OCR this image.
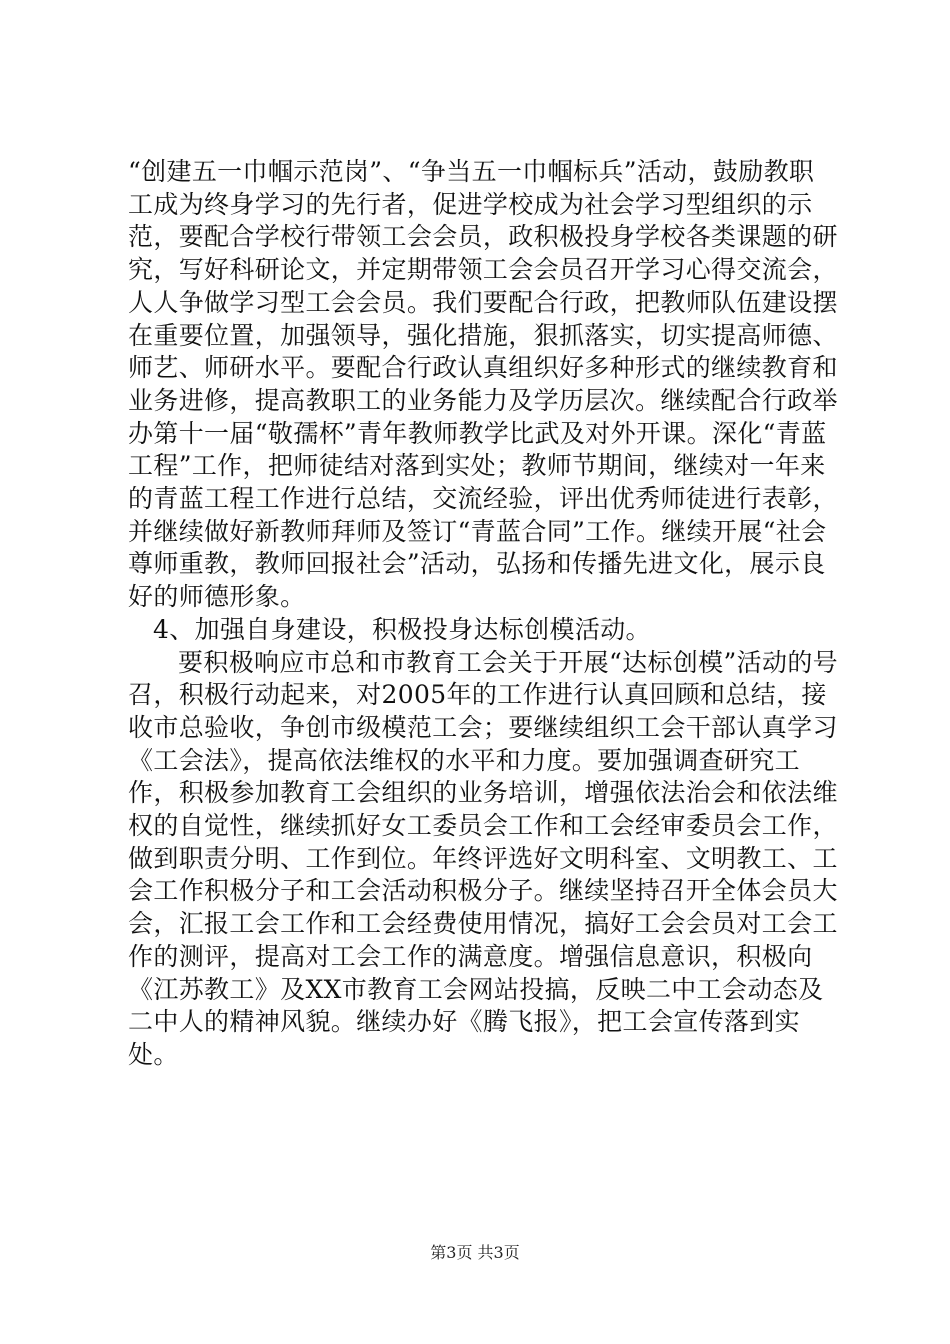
“创建五一巾帼示范岗”、“争当五一巾帼标兵”活动，鼓励教职工成为终身学习的先行者，促进学校成为社会学习型组织的示范，要配合学校行带领工会会员，政积极投身学校各类课题的研究，写好科研论文，并定期带领工会会员召开学习心得交流会，人人争做学习型工会会员。我们要配合行政，把教师队伍建设摆在重要位置，加强领导，强化措施，狠抓落实，切实提高师德、师艺、师研水平。要配合行政认真组织好多种形式的继续教育和业务进修，提高教职工的业务能力及学历层次。继续配合行政举办第十一届“敬孺杯”青年教师教学比武及对外开课。深化“青蓝工程”工作，把师徒结对落到实处；教师节期间，继续对一年来的青蓝工程工作进行总结，交流经验，评出优秀师徒进行表彰，并继续做好新教师拜师及签订“青蓝合同”工作。继续开展“社会尊师重教，教师回报社会”活动，弘扬和传播先进文化，展示良好的师德形象。

4、加强自身建设，积极投身达标创模活动。

要积极响应市总和市教育工会关于开展“达标创模”活动的号召，积极行动起来，对2005年的工作进行认真回顾和总结，接收市总验收，争创市级模范工会；要继续组织工会干部认真学习《工会法》，提高依法维权的水平和力度。要加强调查研究工作，积极参加教育工会组织的业务培训，增强依法治会和依法维权的自觉性，继续抓好女工委员会工作和工会经审委员会工作，做到职责分明、工作到位。年终评选好文明科室、文明教工、工会工作积极分子和工会活动积极分子。继续坚持召开全体会员大会，汇报工会工作和工会经费使用情况，搞好工会会员对工会工作的测评，提高对工会工作的满意度。增强信息意识，积极向《江苏教工》及XX市教育工会网站投搞，反映二中工会动态及二中人的精神风貌。继续办好《腾飞报》，把工会宣传落到实处。

第3页 共3页
